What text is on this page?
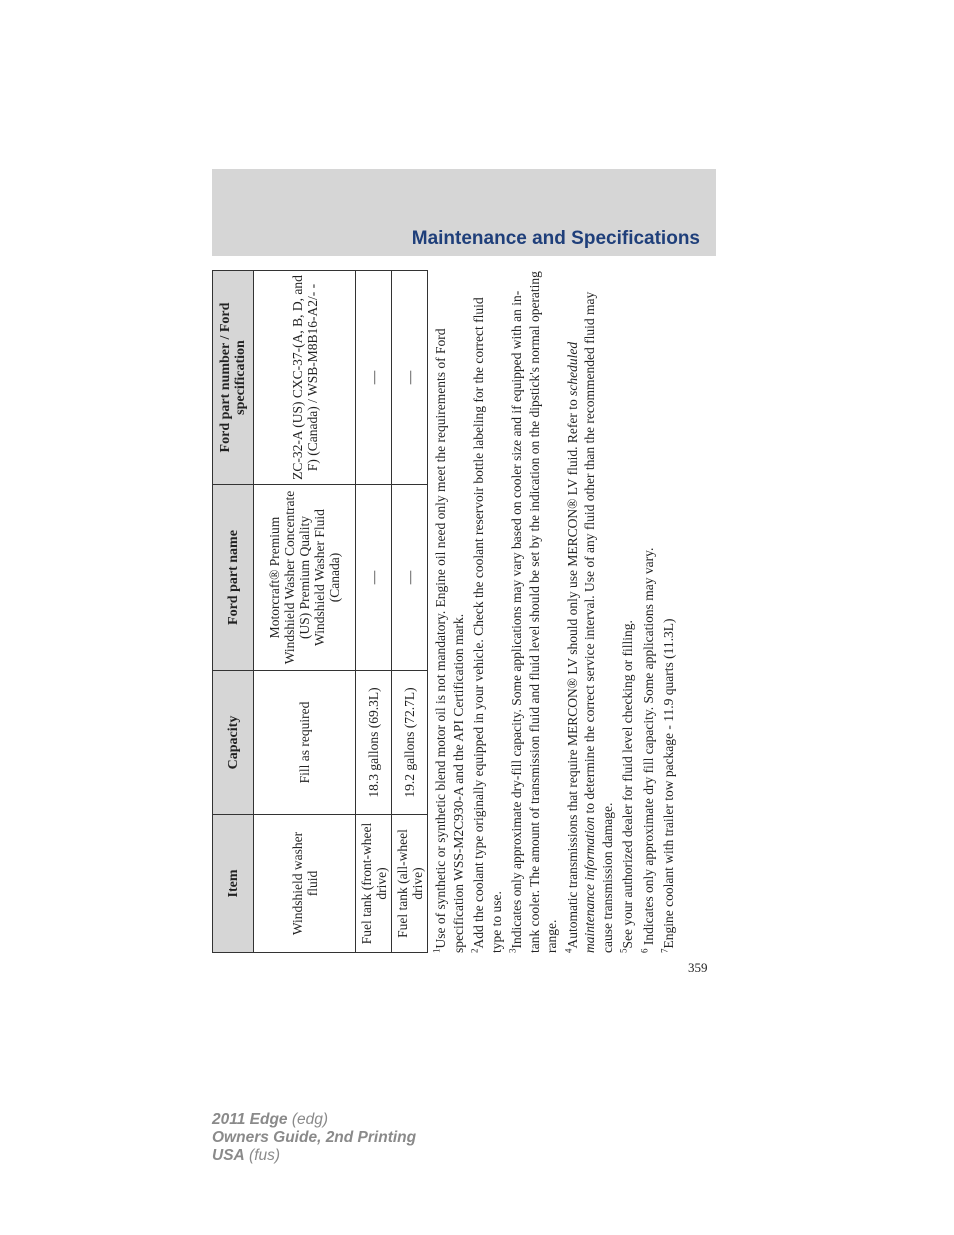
Maintenance and Specifications
Item	Capacity	Ford part name	Ford part number / Ford specification
Windshield washer fluid	Fill as required	Motorcraft® Premium Windshield Washer Concentrate (US) Premium Quality Windshield Washer Fluid (Canada)	ZC-32-A (US) CXC-37-(A, B, D, and F) (Canada) / WSB-M8B16-A2/- -
Fuel tank (front-wheel drive)	18.3 gallons (69.3L)	—	—
Fuel tank (all-wheel drive)	19.2 gallons (72.7L)	—	—

$^1$Use of synthetic or synthetic blend motor oil is not mandatory. Engine oil need only meet the requirements of Ford specification WSS-M2C930-A and the API Certification mark. $^2$Add the coolant type originally equipped in your vehicle. Check the coolant reservoir bottle labeling for the correct fluid type to use. $^3$Indicates only approximate dry-fill capacity. Some applications may vary based on cooler size and if equipped with an in-tank cooler. The amount of transmission fluid and fluid level should be set by the indication on the dipstick's normal operating range. $^4$Automatic transmissions that require MERCON® LV should only use MERCON® LV fluid. Refer to scheduled maintenance information to determine the correct service interval. Use of any fluid other than the recommended fluid may cause transmission damage. $^5$See your authorized dealer for fluid level checking or filling.

$^6$ Indicates only approximate dry fill capacity. Some applications may vary.

$^7$Engine coolant with trailer tow package - 11.9 quarts (11.3L)

359
2011 Edge (edg)
Owners Guide, 2nd Printing
USA (fus)
